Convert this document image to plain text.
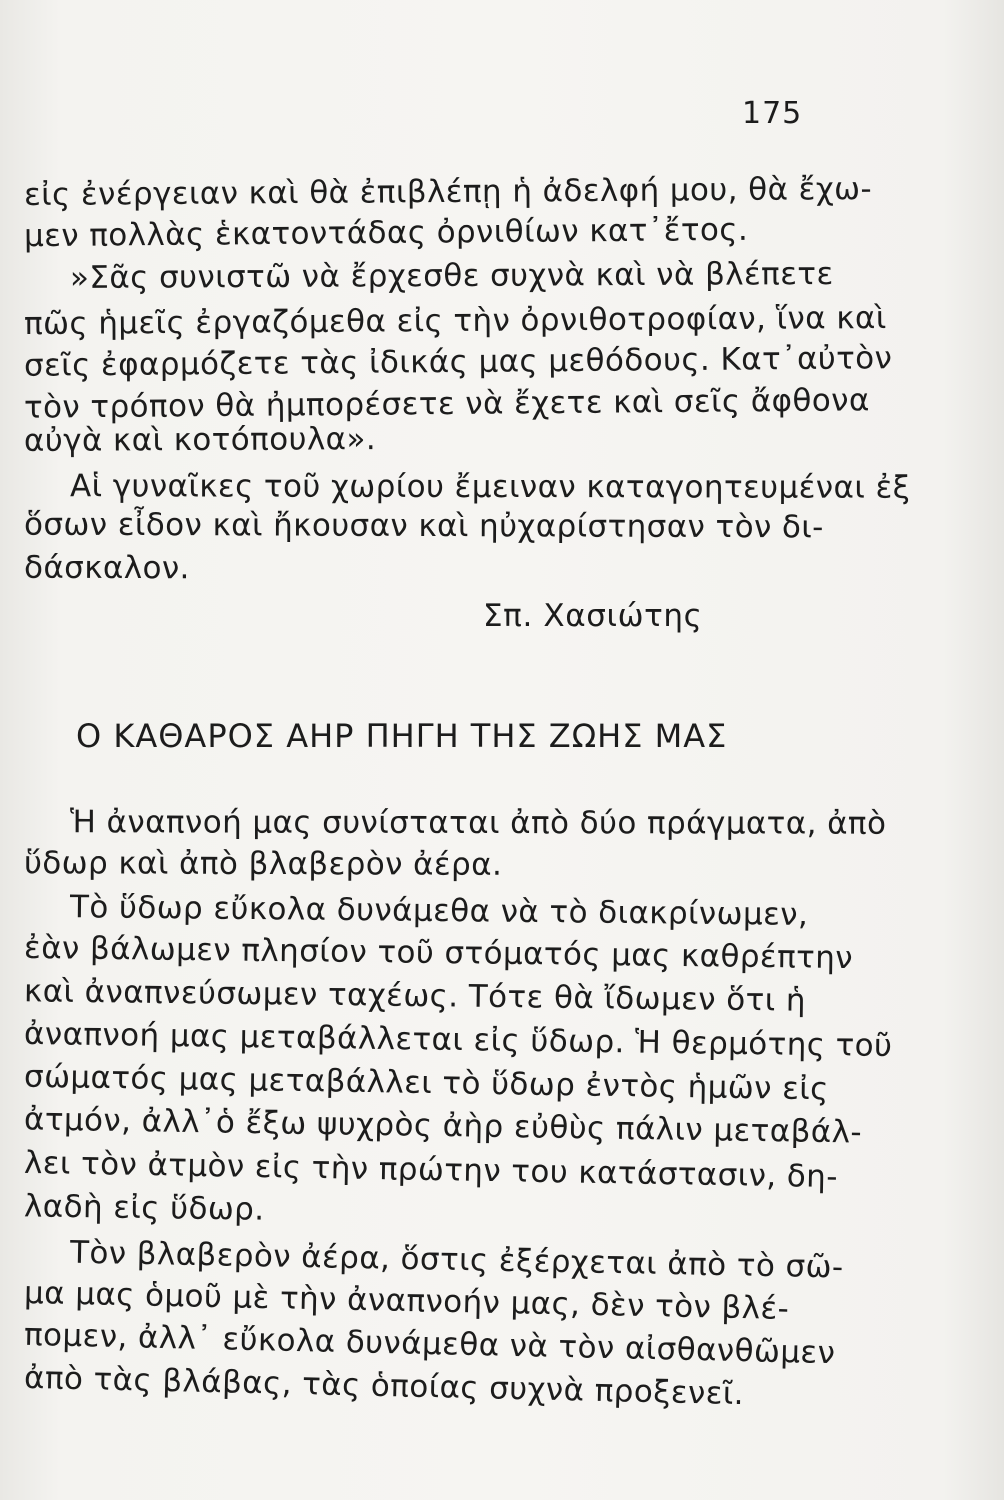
175
εἰς ἐνέργειαν καὶ θὰ ἐπιβλέπῃ ἡ ἀδελφή μου, θὰ ἔχω-
μεν πολλὰς ἑκατοντάδας ὀρνιθίων κατ᾽ἔτος.
»Σᾶς συνιστῶ νὰ ἔρχεσθε συχνὰ καὶ νὰ βλέπετε
πῶς ἡμεῖς ἐργαζόμεθα εἰς τὴν ὀρνιθοτροφίαν, ἵνα καὶ
σεῖς ἐφαρμόζετε τὰς ἰδικάς μας μεθόδους. Κατ᾽αὐτὸν
τὸν τρόπον θὰ ἠμπορέσετε νὰ ἔχετε καὶ σεῖς ἄφθονα
αὐγὰ καὶ κοτόπουλα».
Αἱ γυναῖκες τοῦ χωρίου ἔμειναν καταγοητευμέναι ἐξ
ὅσων εἶδον καὶ ἤκουσαν καὶ ηὐχαρίστησαν τὸν δι-
δάσκαλον.
Σπ. Χασιώτης
Ο ΚΑΘΑΡΟΣ ΑΗΡ ΠΗΓΗ ΤΗΣ ΖΩΗΣ ΜΑΣ
Ἡ ἀναπνοή μας συνίσταται ἀπὸ δύο πράγματα, ἀπὸ
ὕδωρ καὶ ἀπὸ βλαβερὸν ἀέρα.
Τὸ ὕδωρ εὔκολα δυνάμεθα νὰ τὸ διακρίνωμεν,
ἐὰν βάλωμεν πλησίον τοῦ στόματός μας καθρέπτην
καὶ ἀναπνεύσωμεν ταχέως. Τότε θὰ ἴδωμεν ὅτι ἡ
ἀναπνοή μας μεταβάλλεται εἰς ὕδωρ. Ἡ θερμότης τοῦ
σώματός μας μεταβάλλει τὸ ὕδωρ ἐντὸς ἡμῶν εἰς
ἀτμόν, ἀλλ᾽ὁ ἔξω ψυχρὸς ἀὴρ εὐθὺς πάλιν μεταβάλ-
λει τὸν ἀτμὸν εἰς τὴν πρώτην του κατάστασιν, δη-
λαδὴ εἰς ὕδωρ.
Τὸν βλαβερὸν ἀέρα, ὅστις ἐξέρχεται ἀπὸ τὸ σῶ-
μα μας ὁμοῦ μὲ τὴν ἀναπνοήν μας, δὲν τὸν βλέ-
πομεν, ἀλλ᾽ εὔκολα δυνάμεθα νὰ τὸν αἰσθανθῶμεν
ἀπὸ τὰς βλάβας, τὰς ὁποίας συχνὰ προξενεῖ.
